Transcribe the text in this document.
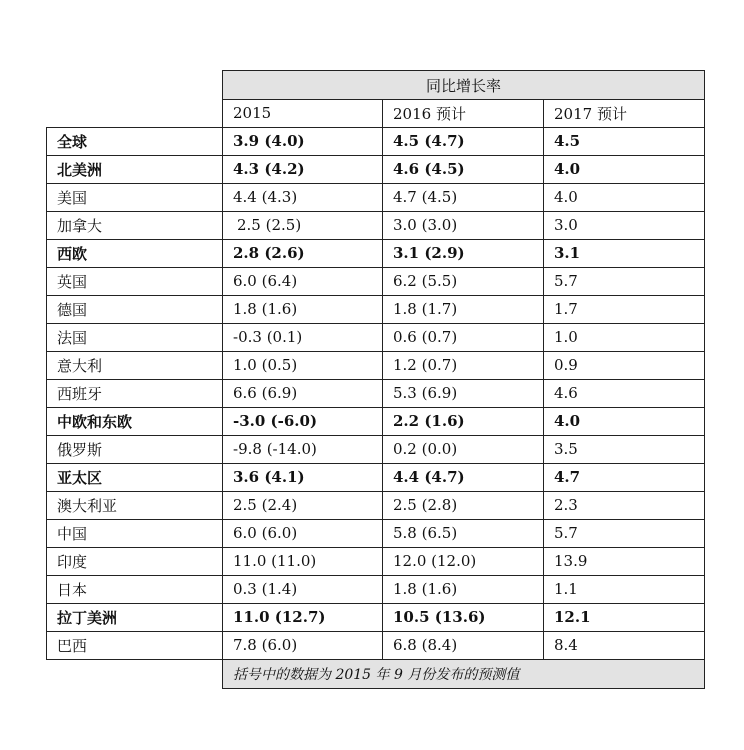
	同比增长率		
	2015	2016 预计	2017 预计
全球	3.9 (4.0)	4.5 (4.7)	4.5
北美洲	4.3 (4.2)	4.6 (4.5)	4.0
美国	4.4 (4.3)	4.7 (4.5)	4.0
加拿大	2.5 (2.5)	3.0 (3.0)	3.0
西欧	2.8 (2.6)	3.1 (2.9)	3.1
英国	6.0 (6.4)	6.2 (5.5)	5.7
德国	1.8 (1.6)	1.8 (1.7)	1.7
法国	-0.3 (0.1)	0.6 (0.7)	1.0
意大利	1.0 (0.5)	1.2 (0.7)	0.9
西班牙	6.6 (6.9)	5.3 (6.9)	4.6
中欧和东欧	-3.0 (-6.0)	2.2 (1.6)	4.0
俄罗斯	-9.8 (-14.0)	0.2 (0.0)	3.5
亚太区	3.6 (4.1)	4.4 (4.7)	4.7
澳大利亚	2.5 (2.4)	2.5 (2.8)	2.3
中国	6.0 (6.0)	5.8 (6.5)	5.7
印度	11.0 (11.0)	12.0 (12.0)	13.9
日本	0.3 (1.4)	1.8 (1.6)	1.1
拉丁美洲	11.0 (12.7)	10.5 (13.6)	12.1
巴西	7.8 (6.0)	6.8 (8.4)	8.4
	括号中的数据为 2015 年 9 月份发布的预测值		
